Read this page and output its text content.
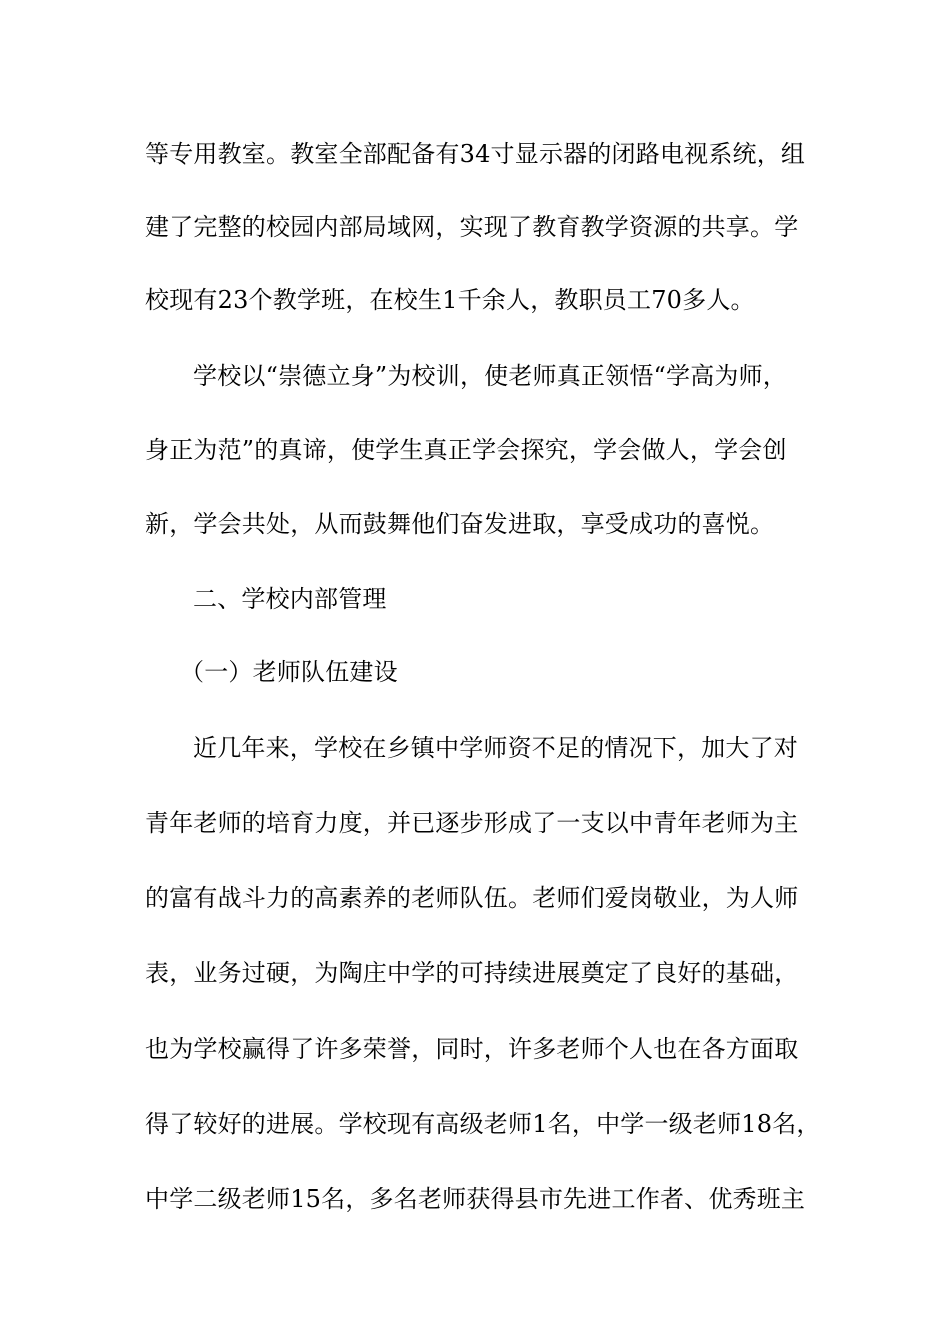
等专用教室。教室全部配备有34寸显示器的闭路电视系统，组
建了完整的校园内部局域网，实现了教育教学资源的共享。学
校现有23个教学班，在校生1千余人，教职员工70多人。
学校以“崇德立身”为校训，使老师真正领悟“学高为师，
身正为范”的真谛，使学生真正学会探究，学会做人，学会创
新，学会共处，从而鼓舞他们奋发进取，享受成功的喜悦。
二、学校内部管理
（一）老师队伍建设
近几年来，学校在乡镇中学师资不足的情况下，加大了对
青年老师的培育力度，并已逐步形成了一支以中青年老师为主
的富有战斗力的高素养的老师队伍。老师们爱岗敬业，为人师
表，业务过硬，为陶庄中学的可持续进展奠定了良好的基础，
也为学校赢得了许多荣誉，同时，许多老师个人也在各方面取
得了较好的进展。学校现有高级老师1名，中学一级老师18名，
中学二级老师15名，多名老师获得县市先进工作者、优秀班主
